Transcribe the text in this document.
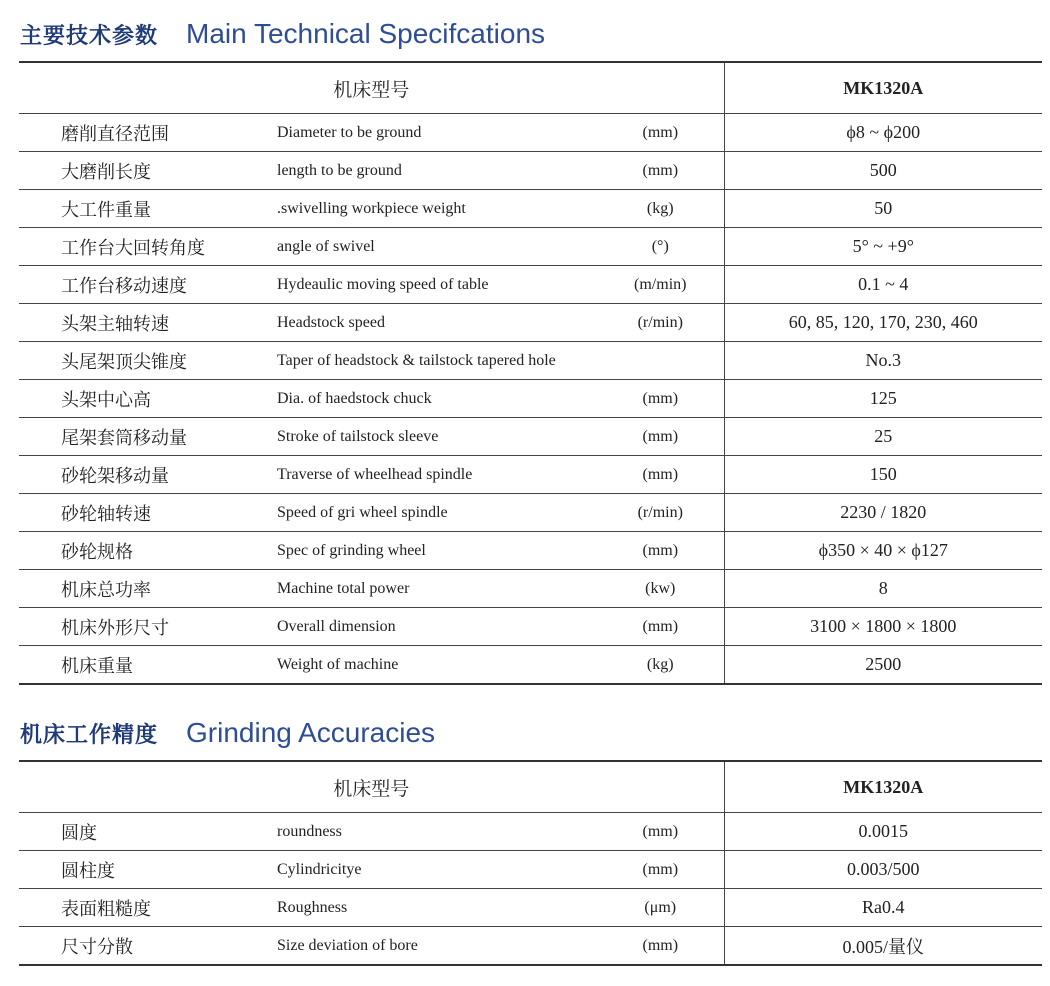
主要技术参数 Main Technical Specifcations
机床型号			MK1320A
磨削直径范围	Diameter to be ground	(mm)	ϕ8 ~ ϕ200
大磨削长度	length to be ground	(mm)	500
大工件重量	.swivelling workpiece weight	(kg)	50
工作台大回转角度	angle of swivel	(°)	5° ~ +9°
工作台移动速度	Hydeaulic moving speed of table	(m/min)	0.1 ~ 4
头架主轴转速	Headstock speed	(r/min)	60, 85, 120, 170, 230, 460
头尾架顶尖锥度	Taper of headstock & tailstock tapered hole		No.3
头架中心高	Dia. of haedstock chuck	(mm)	125
尾架套筒移动量	Stroke of tailstock sleeve	(mm)	25
砂轮架移动量	Traverse of wheelhead spindle	(mm)	150
砂轮轴转速	Speed of gri wheel spindle	(r/min)	2230 / 1820
砂轮规格	Spec of grinding wheel	(mm)	ϕ350 × 40 × ϕ127
机床总功率	Machine total power	(kw)	8
机床外形尺寸	Overall dimension	(mm)	3100 × 1800 × 1800
机床重量	Weight of machine	(kg)	2500
机床工作精度 Grinding Accuracies
机床型号			MK1320A
圆度	roundness	(mm)	0.0015
圆柱度	Cylindricitye	(mm)	0.003/500
表面粗糙度	Roughness	(μm)	Ra0.4
尺寸分散	Size deviation of bore	(mm)	0.005/量仪
